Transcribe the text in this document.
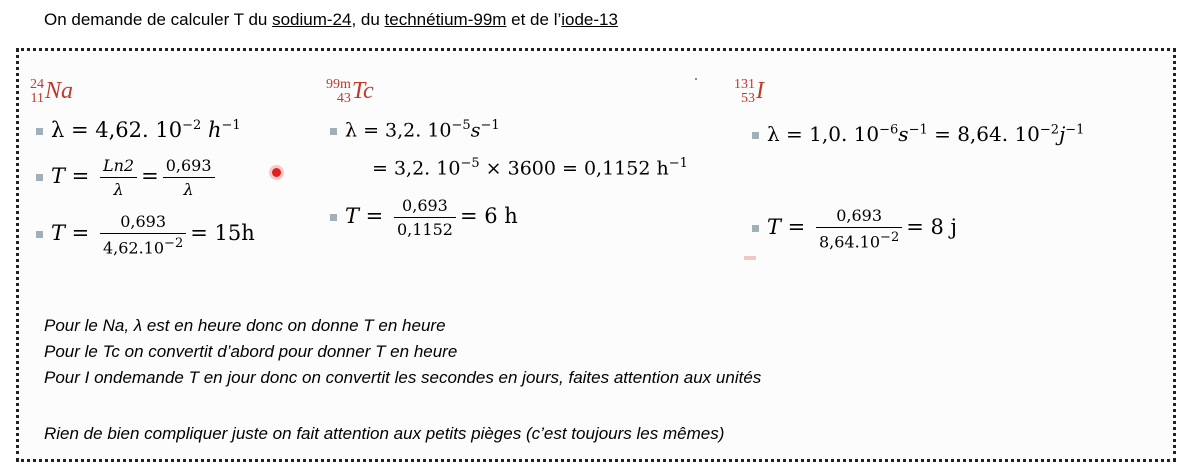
On demande de calculer T du sodium-24, du technétium-99m et de l’iode-13
24
11Na
λ = 4,62. $10^{-2}$ $h^{-1}$
$T = \frac{Ln2}{\lambda} = \frac{0,693}{\lambda}$
$T = \frac{0,693}{4,62.10^{-2}} = 15h$
99m
43Tc
λ = 3,2. $10^{-5}s^{-1}$
= 3,2. $10^{-5} \times 3600 = 0,1152$ $h^{-1}$
$T = \frac{0,693}{0,1152} = 6$ h
131
53I
λ = 1,0. $10^{-6}s^{-1} = 8,64$. $10^{-2}j^{-1}$
$T = \frac{0,693}{8,64.10^{-2}} = 8$ j
Pour le Na, λ est en heure donc on donne T en heure
Pour le Tc on convertit d’abord pour donner T en heure
Pour I ondemande T en jour donc on convertit les secondes en jours, faites attention aux unités
Rien de bien compliquer juste on fait attention aux petits pièges (c’est toujours les mêmes)
